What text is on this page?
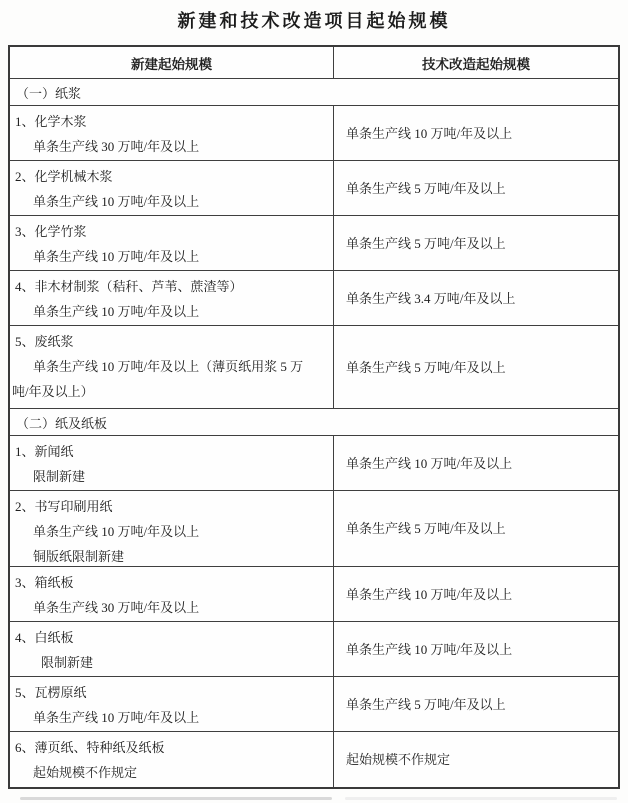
新建和技术改造项目起始规模
新建起始规模	技术改造起始规模
（一）纸浆
1、化学木浆
单条生产线 30 万吨/年及以上
单条生产线 10 万吨/年及以上
2、化学机械木浆
单条生产线 10 万吨/年及以上
单条生产线 5 万吨/年及以上
3、化学竹浆
单条生产线 10 万吨/年及以上
单条生产线 5 万吨/年及以上
4、非木材制浆（秸秆、芦苇、蔗渣等）
单条生产线 10 万吨/年及以上
单条生产线 3.4 万吨/年及以上
5、废纸浆
单条生产线 10 万吨/年及以上（薄页纸用浆 5 万
吨/年及以上）
单条生产线 5 万吨/年及以上
（二）纸及纸板
1、新闻纸
限制新建
单条生产线 10 万吨/年及以上
2、书写印刷用纸
单条生产线 10 万吨/年及以上
铜版纸限制新建
单条生产线 5 万吨/年及以上
3、箱纸板
单条生产线 30 万吨/年及以上
单条生产线 10 万吨/年及以上
4、白纸板
限制新建
单条生产线 10 万吨/年及以上
5、瓦楞原纸
单条生产线 10 万吨/年及以上
单条生产线 5 万吨/年及以上
6、薄页纸、特种纸及纸板
起始规模不作规定
起始规模不作规定
